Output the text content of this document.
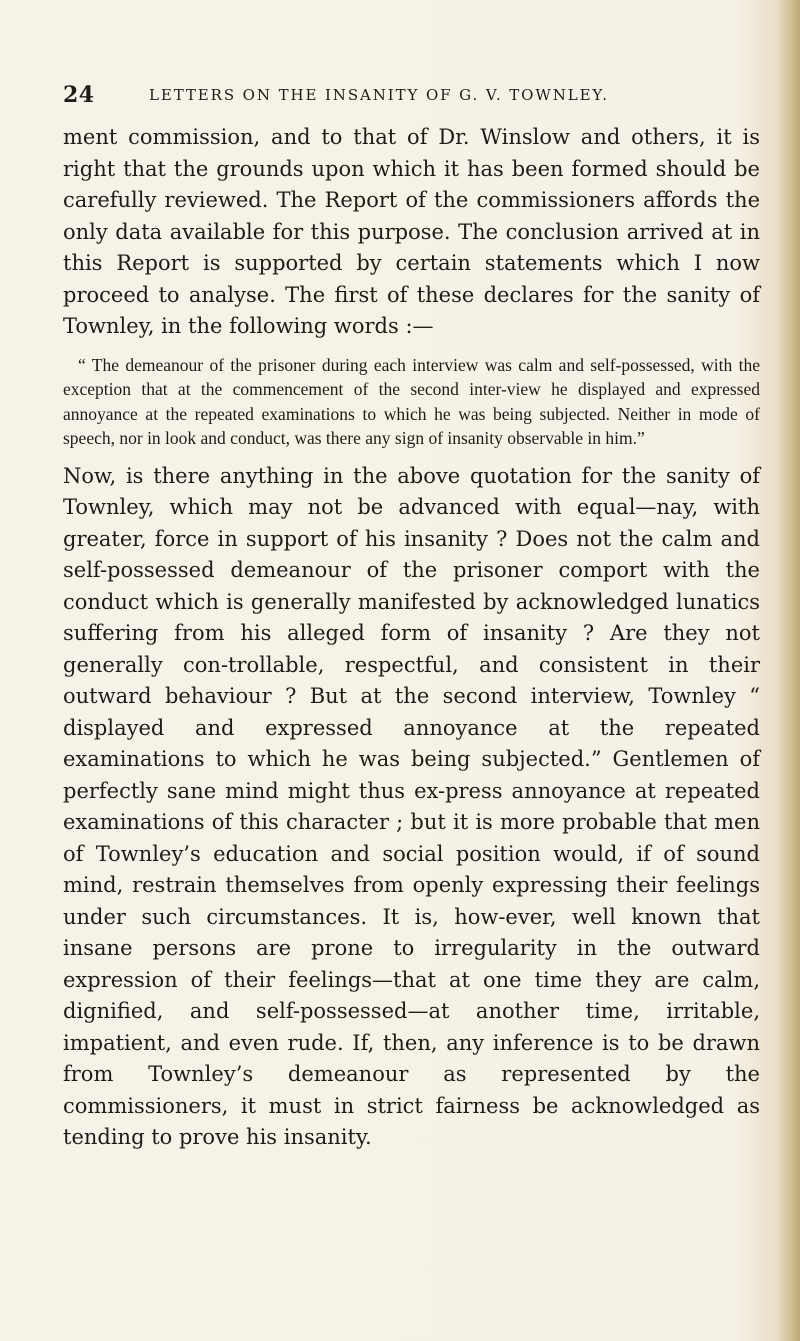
24	LETTERS ON THE INSANITY OF G. V. TOWNLEY.

ment commission, and to that of Dr. Winslow and others, it is right that the grounds upon which it has been formed should be carefully reviewed. The Report of the commissioners affords the only data available for this purpose. The conclusion arrived at in this Report is supported by certain statements which I now proceed to analyse. The first of these declares for the sanity of Townley, in the following words :—

“ The demeanour of the prisoner during each interview was calm and self-possessed, with the exception that at the commencement of the second inter-view he displayed and expressed annoyance at the repeated examinations to which he was being subjected. Neither in mode of speech, nor in look and conduct, was there any sign of insanity observable in him.”

Now, is there anything in the above quotation for the sanity of Townley, which may not be advanced with equal—nay, with greater, force in support of his insanity ? Does not the calm and self-possessed demeanour of the prisoner comport with the conduct which is generally manifested by acknowledged lunatics suffering from his alleged form of insanity ? Are they not generally con-trollable, respectful, and consistent in their outward behaviour ? But at the second interview, Townley “ displayed and expressed annoyance at the repeated examinations to which he was being subjected.” Gentlemen of perfectly sane mind might thus ex-press annoyance at repeated examinations of this character ; but it is more probable that men of Townley’s education and social position would, if of sound mind, restrain themselves from openly expressing their feelings under such circumstances. It is, how-ever, well known that insane persons are prone to irregularity in the outward expression of their feelings—that at one time they are calm, dignified, and self-possessed—at another time, irritable, impatient, and even rude. If, then, any inference is to be drawn from Townley’s demeanour as represented by the commissioners, it must in strict fairness be acknowledged as tending to prove his insanity.
